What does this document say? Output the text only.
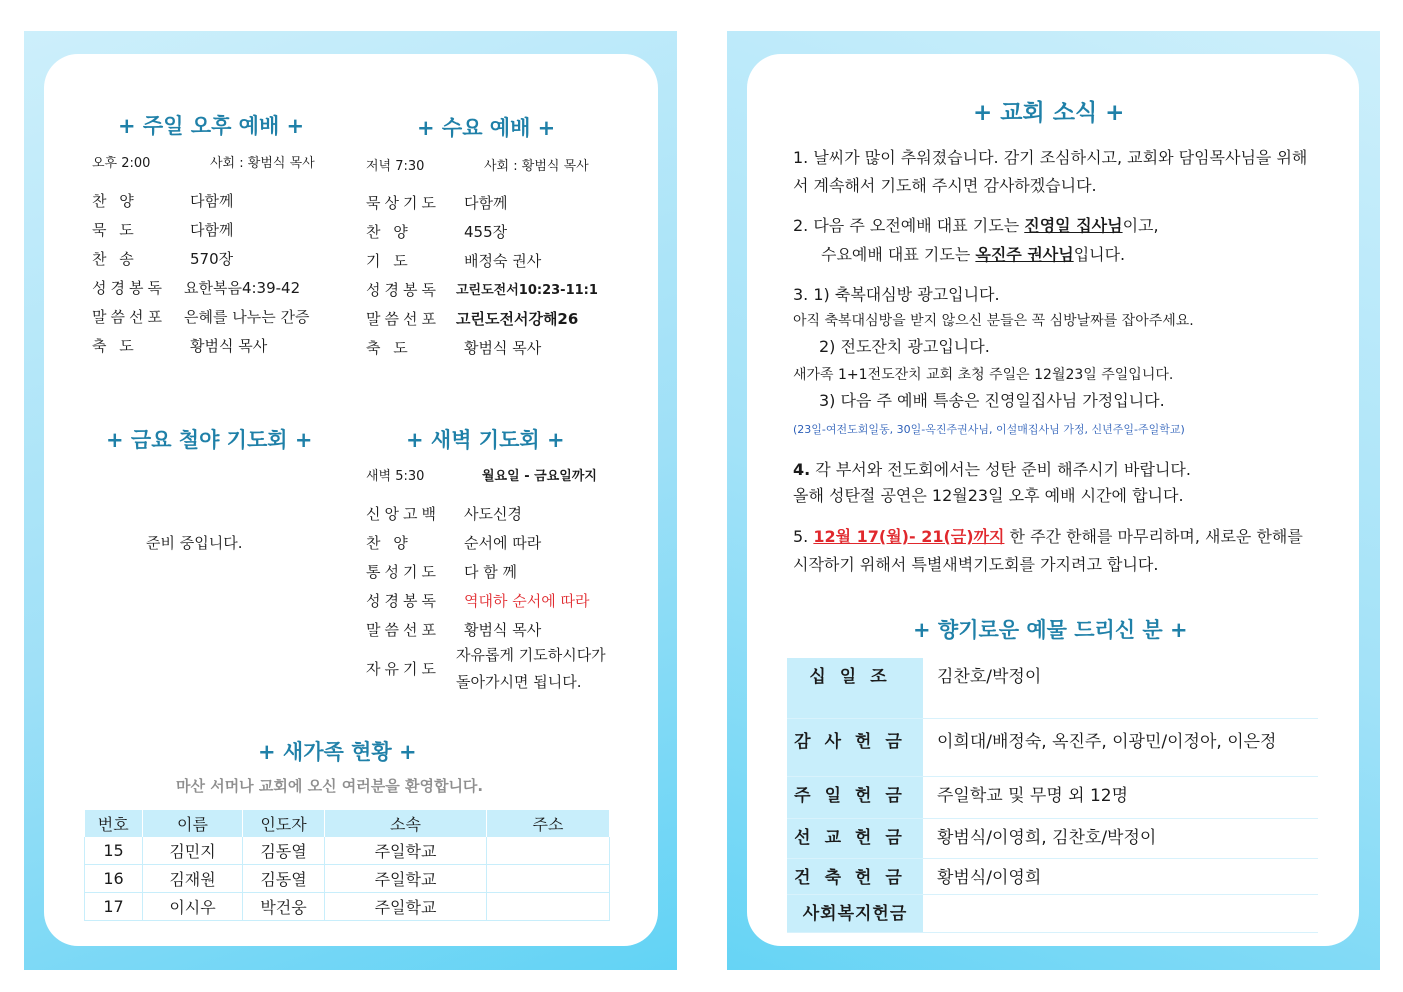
+ 주일 오후 예배 +
오후 2:00	사회 : 황범식 목사
찬 양	다함께
묵 도	다함께
찬 송	570장
성경봉독 요한복음4:39-42
말씀선포 은혜를 나누는 간증
축 도	황범식 목사
+ 수요 예배 +
저녁 7:30	사회 : 황범식 목사
묵상기도 다함께
찬 양	455장
기 도	배정숙 권사
성경봉독 고린도전서10:23-11:1
말씀선포 고린도전서강해26
축 도	황범식 목사
+ 금요 철야 기도회 +
준비 중입니다.
+ 새벽 기도회 +
새벽 5:30	월요일 - 금요일까지
신앙고백 사도신경
찬 양	순서에 따라
통성기도 다 함 께
성경봉독 역대하 순서에 따라
말씀선포 황범식 목사
자유기도
자유롭게 기도하시다가
돌아가시면 됩니다.
+ 새가족 현황 +
마산 서머나 교회에 오신 여러분을 환영합니다.
번호	이름	인도자	소속	주소
15	김민지	김동열	주일학교	
16	김재원	김동열	주일학교	
17	이시우	박건웅	주일학교	
+ 교회 소식 +
1. 날씨가 많이 추워졌습니다. 감기 조심하시고, 교회와 담임목사님을 위해서 계속해서 기도해 주시면 감사하겠습니다.
2. 다음 주 오전예배 대표 기도는 진영일 집사님이고,
수요예배 대표 기도는 옥진주 권사님입니다.
3. 1) 축복대심방 광고입니다.
아직 축복대심방을 받지 않으신 분들은 꼭 심방날짜를 잡아주세요.
2) 전도잔치 광고입니다.
새가족 1+1전도잔치 교회 초청 주일은 12월23일 주일입니다.
3) 다음 주 예배 특송은 진영일집사님 가정입니다.
(23일-여전도회일동, 30일-옥진주권사님, 이설매집사님 가정, 신년주일-주일학교)
4. 각 부서와 전도회에서는 성탄 준비 해주시기 바랍니다.
올해 성탄절 공연은 12월23일 오후 예배 시간에 합니다.
5. 12월 17(월)- 21(금)까지 한 주간 한해를 마무리하며, 새로운 한해를 시작하기 위해서 특별새벽기도회를 가지려고 합니다.
+ 향기로운 예물 드리신 분 +
십일조	김찬호/박정이
감사헌금	이희대/배정숙, 옥진주, 이광민/이정아, 이은정
주일헌금	주일학교 및 무명 외 12명
선교헌금	황범식/이영희, 김찬호/박정이
건축헌금	황범식/이영희
사회복지헌금	
